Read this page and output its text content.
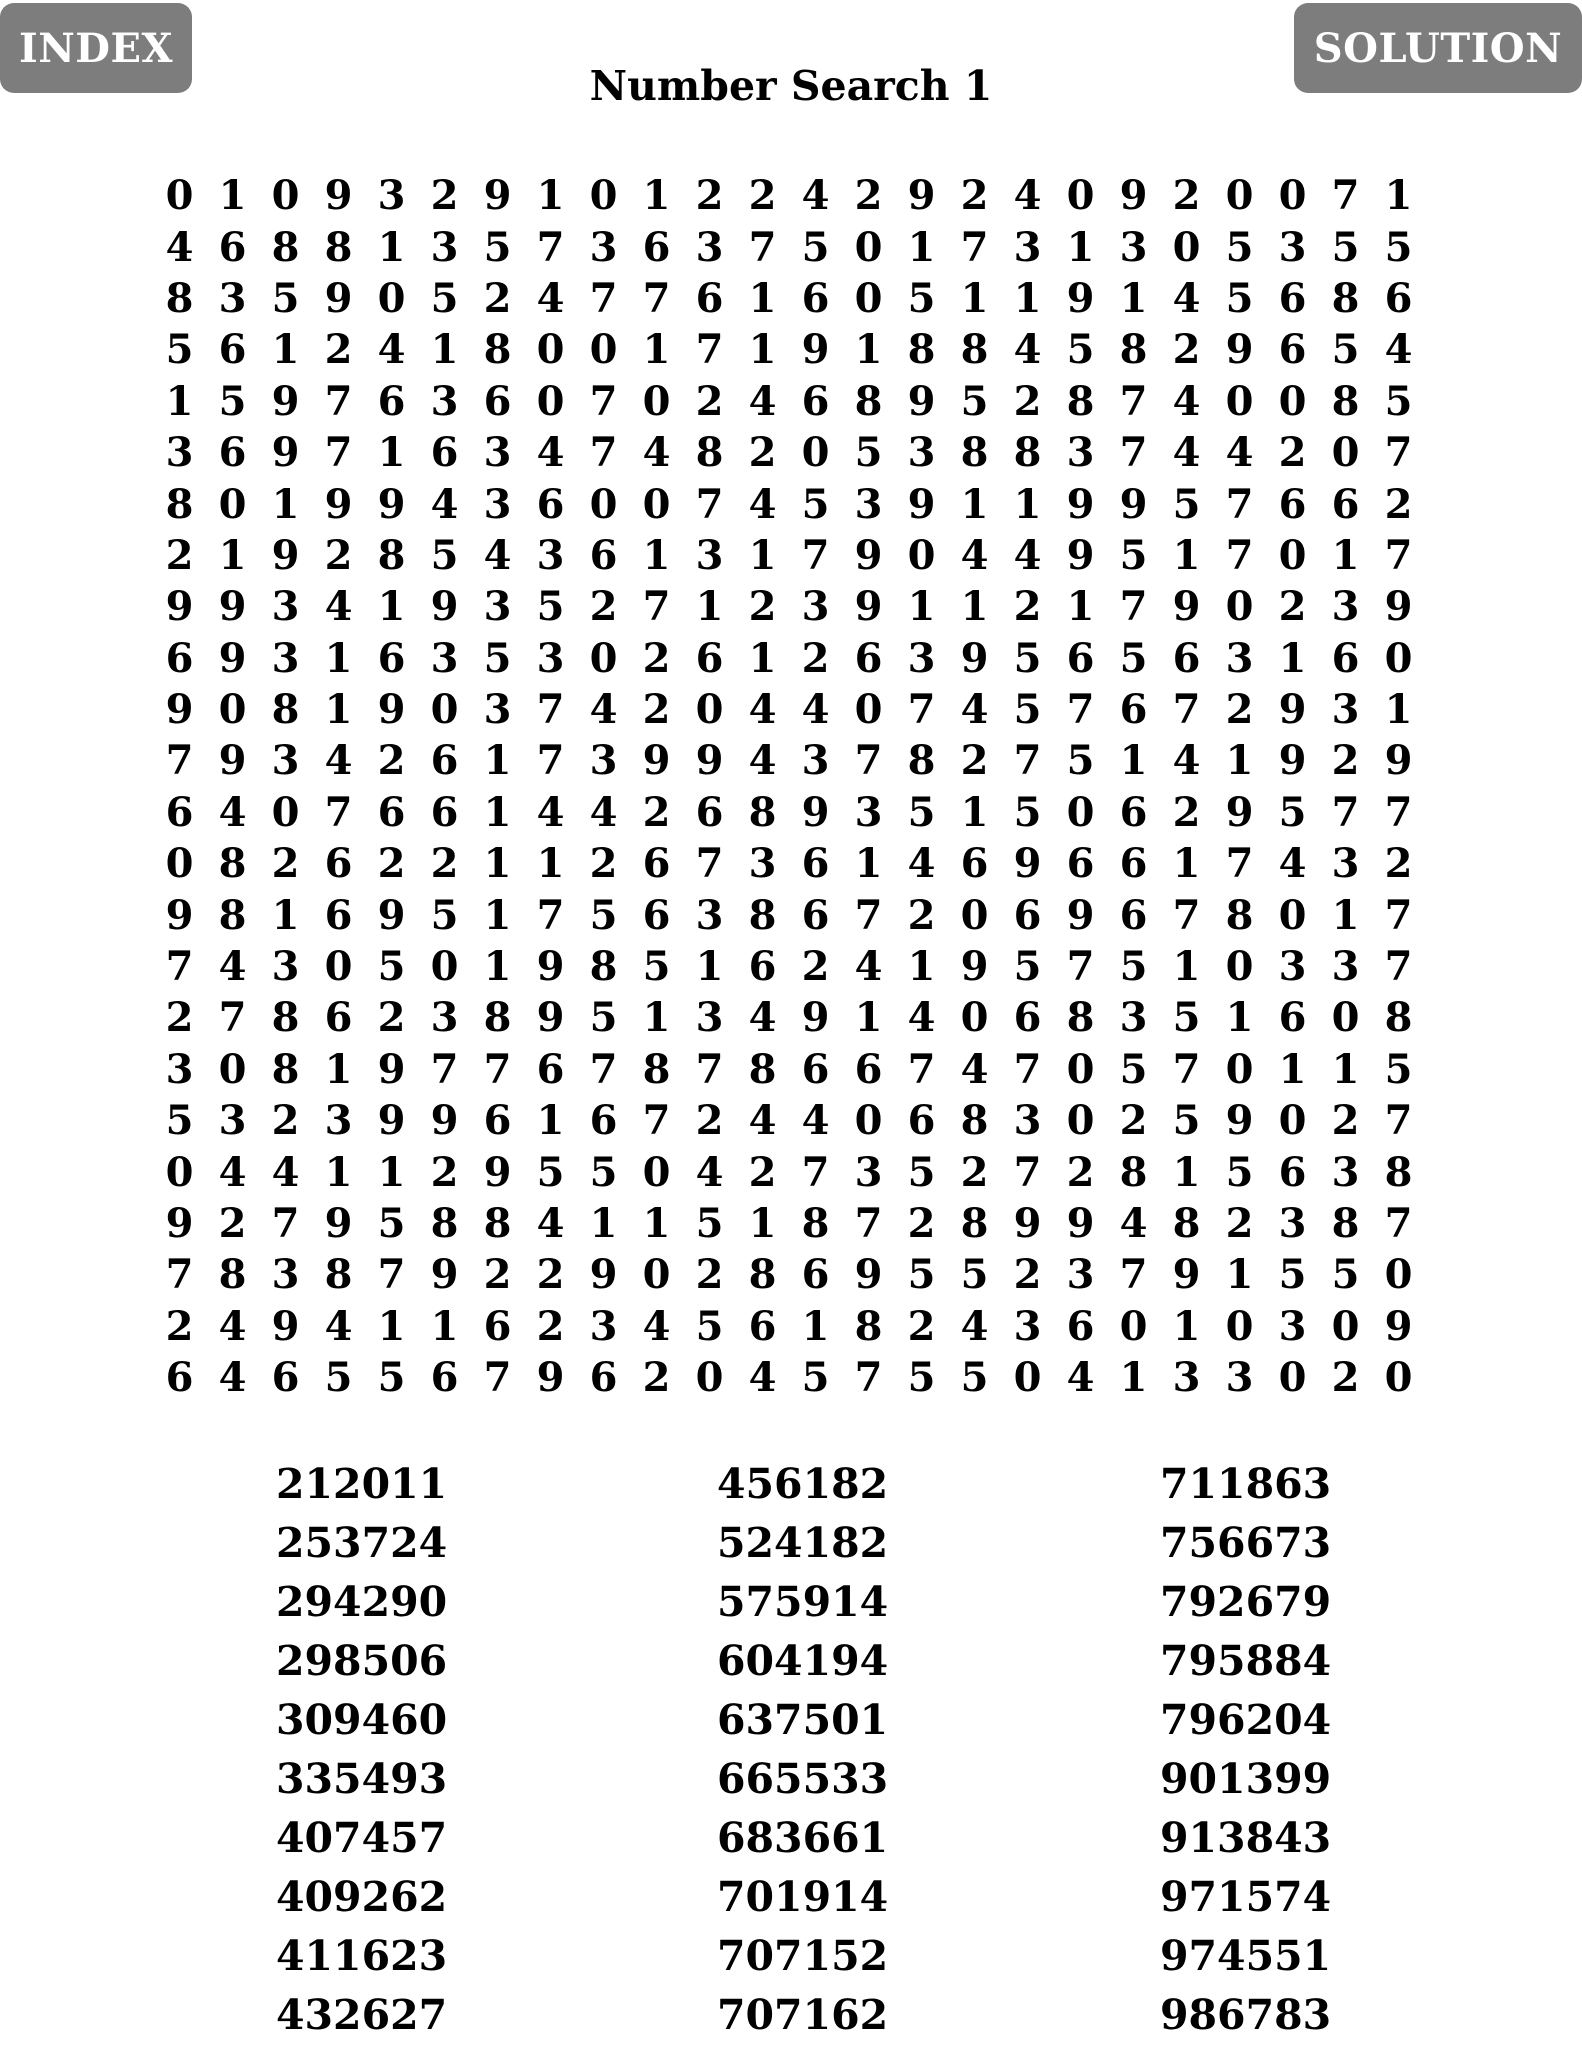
INDEX	SOLUTION
Number Search 1
0 1 0 9 3 2 9 1 0 1 2 2 4 2 9 2 4 0 9 2 0 0 7 1
4 6 8 8 1 3 5 7 3 6 3 7 5 0 1 7 3 1 3 0 5 3 5 5
8 3 5 9 0 5 2 4 7 7 6 1 6 0 5 1 1 9 1 4 5 6 8 6
5 6 1 2 4 1 8 0 0 1 7 1 9 1 8 8 4 5 8 2 9 6 5 4
1 5 9 7 6 3 6 0 7 0 2 4 6 8 9 5 2 8 7 4 0 0 8 5
3 6 9 7 1 6 3 4 7 4 8 2 0 5 3 8 8 3 7 4 4 2 0 7
8 0 1 9 9 4 3 6 0 0 7 4 5 3 9 1 1 9 9 5 7 6 6 2
2 1 9 2 8 5 4 3 6 1 3 1 7 9 0 4 4 9 5 1 7 0 1 7
9 9 3 4 1 9 3 5 2 7 1 2 3 9 1 1 2 1 7 9 0 2 3 9
6 9 3 1 6 3 5 3 0 2 6 1 2 6 3 9 5 6 5 6 3 1 6 0
9 0 8 1 9 0 3 7 4 2 0 4 4 0 7 4 5 7 6 7 2 9 3 1
7 9 3 4 2 6 1 7 3 9 9 4 3 7 8 2 7 5 1 4 1 9 2 9
6 4 0 7 6 6 1 4 4 2 6 8 9 3 5 1 5 0 6 2 9 5 7 7
0 8 2 6 2 2 1 1 2 6 7 3 6 1 4 6 9 6 6 1 7 4 3 2
9 8 1 6 9 5 1 7 5 6 3 8 6 7 2 0 6 9 6 7 8 0 1 7
7 4 3 0 5 0 1 9 8 5 1 6 2 4 1 9 5 7 5 1 0 3 3 7
2 7 8 6 2 3 8 9 5 1 3 4 9 1 4 0 6 8 3 5 1 6 0 8
3 0 8 1 9 7 7 6 7 8 7 8 6 6 7 4 7 0 5 7 0 1 1 5
5 3 2 3 9 9 6 1 6 7 2 4 4 0 6 8 3 0 2 5 9 0 2 7
0 4 4 1 1 2 9 5 5 0 4 2 7 3 5 2 7 2 8 1 5 6 3 8
9 2 7 9 5 8 8 4 1 1 5 1 8 7 2 8 9 9 4 8 2 3 8 7
7 8 3 8 7 9 2 2 9 0 2 8 6 9 5 5 2 3 7 9 1 5 5 0
2 4 9 4 1 1 6 2 3 4 5 6 1 8 2 4 3 6 0 1 0 3 0 9
6 4 6 5 5 6 7 9 6 2 0 4 5 7 5 5 0 4 1 3 3 0 2 0
212011
253724
294290
298506
309460
335493
407457
409262
411623
432627
456182
524182
575914
604194
637501
665533
683661
701914
707152
707162
711863
756673
792679
795884
796204
901399
913843
971574
974551
986783
